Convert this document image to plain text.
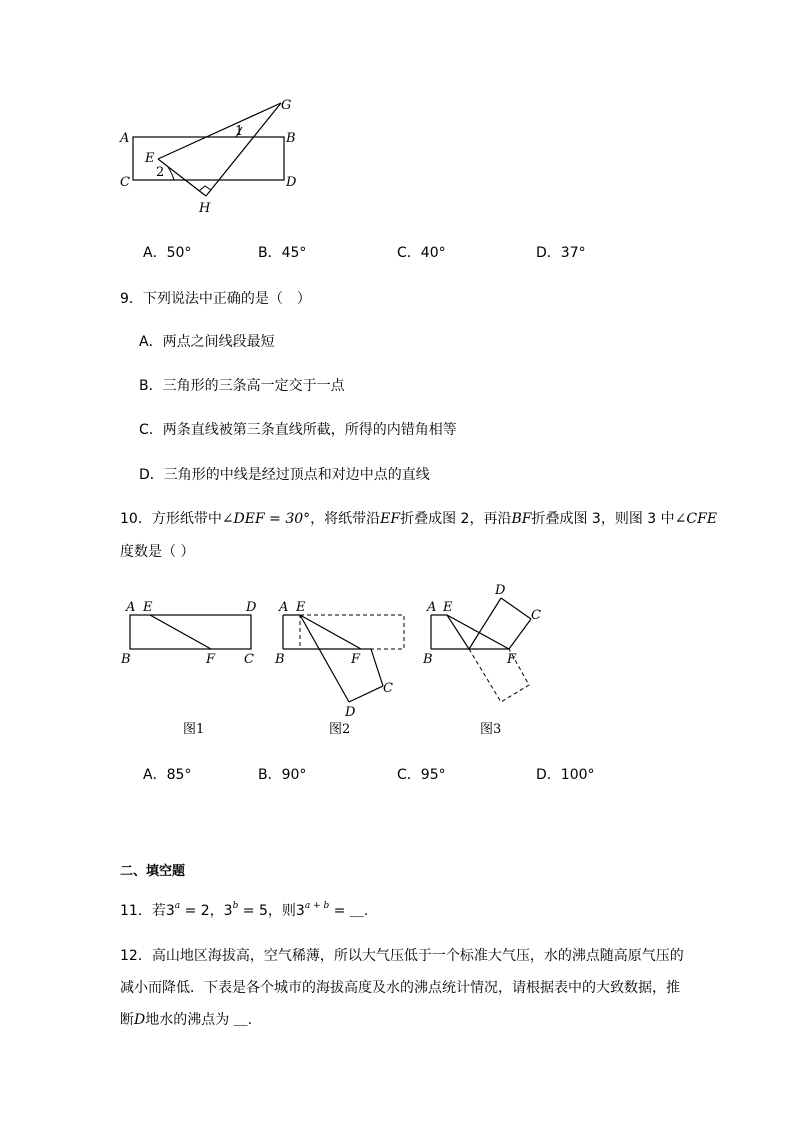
A	B
C	D
E
G
H
1
2
A．50°	B．45°	C．40°	D．37°
9．下列说法中正确的是（　）
A．两点之间线段最短
B．三角形的三条高一定交于一点
C．两条直线被第三条直线所截，所得的内错角相等
D．三角形的中线是经过顶点和对边中点的直线
10．方形纸带中∠DEF = 30°，将纸带沿EF折叠成图 2，再沿BF折叠成图 3，则图 3 中∠CFE
度数是（ ）
A E	D
B	F C
A E
B	F
C
D
A E
B	F
D
C
图1	图2	图3
A．85°	B．90°	C．95°	D．100°
二、填空题
11．若$3^a = 2$，$3^b = 5$，则$3^{a + b}$ = ＿.
12．高山地区海拔高，空气稀薄，所以大气压低于一个标准大气压，水的沸点随高原气压的
减小而降低．下表是各个城市的海拔高度及水的沸点统计情况，请根据表中的大致数据，推
断D地水的沸点为 ＿.
